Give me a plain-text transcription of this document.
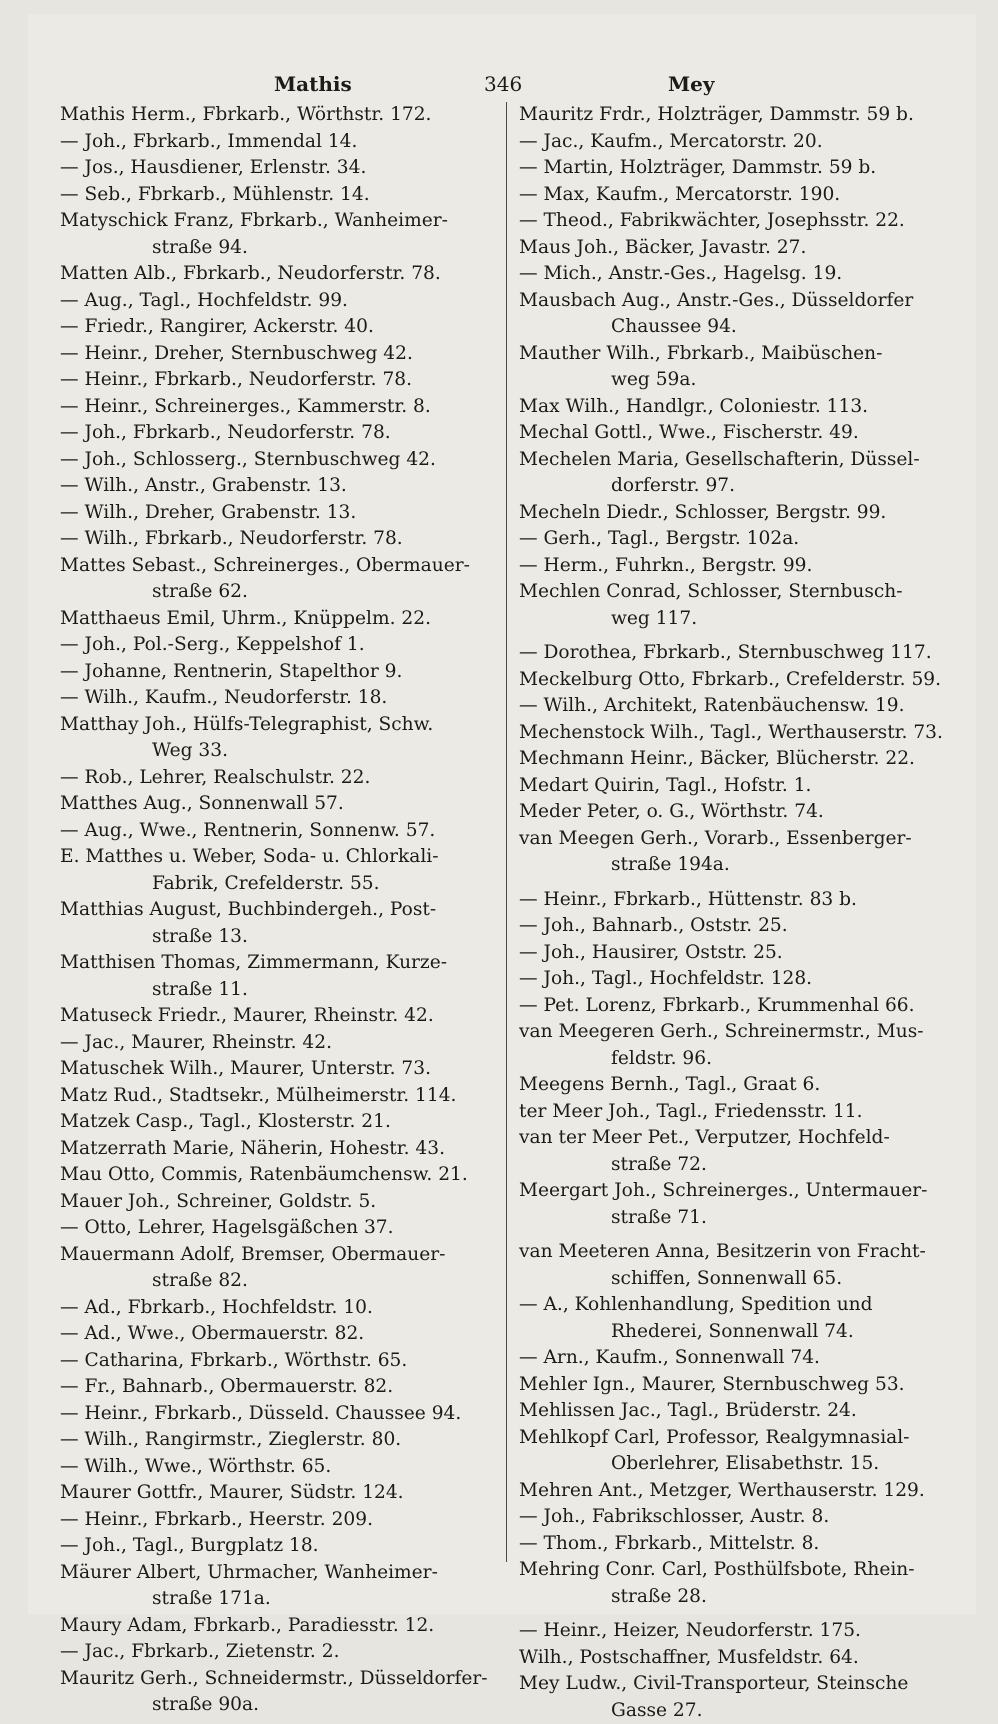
Mathis	346	Mey
Mathis Herm., Fbrkarb., Wörthstr. 172.
— Joh., Fbrkarb., Immendal 14.
— Jos., Hausdiener, Erlenstr. 34.
— Seb., Fbrkarb., Mühlenstr. 14.
Matyschick Franz, Fbrkarb., Wanheimer-
straße 94.
Matten Alb., Fbrkarb., Neudorferstr. 78.
— Aug., Tagl., Hochfeldstr. 99.
— Friedr., Rangirer, Ackerstr. 40.
— Heinr., Dreher, Sternbuschweg 42.
— Heinr., Fbrkarb., Neudorferstr. 78.
— Heinr., Schreinerges., Kammerstr. 8.
— Joh., Fbrkarb., Neudorferstr. 78.
— Joh., Schlosserg., Sternbuschweg 42.
— Wilh., Anstr., Grabenstr. 13.
— Wilh., Dreher, Grabenstr. 13.
— Wilh., Fbrkarb., Neudorferstr. 78.
Mattes Sebast., Schreinerges., Obermauer-
straße 62.
Matthaeus Emil, Uhrm., Knüppelm. 22.
— Joh., Pol.-Serg., Keppelshof 1.
— Johanne, Rentnerin, Stapelthor 9.
— Wilh., Kaufm., Neudorferstr. 18.
Matthay Joh., Hülfs-Telegraphist, Schw.
Weg 33.
— Rob., Lehrer, Realschulstr. 22.
Matthes Aug., Sonnenwall 57.
— Aug., Wwe., Rentnerin, Sonnenw. 57.
E. Matthes u. Weber, Soda- u. Chlorkali-
Fabrik, Crefelderstr. 55.
Matthias August, Buchbindergeh., Post-
straße 13.
Matthisen Thomas, Zimmermann, Kurze-
straße 11.
Matuseck Friedr., Maurer, Rheinstr. 42.
— Jac., Maurer, Rheinstr. 42.
Matuschek Wilh., Maurer, Unterstr. 73.
Matz Rud., Stadtsekr., Mülheimerstr. 114.
Matzek Casp., Tagl., Klosterstr. 21.
Matzerrath Marie, Näherin, Hohestr. 43.
Mau Otto, Commis, Ratenbäumchensw. 21.
Mauer Joh., Schreiner, Goldstr. 5.
— Otto, Lehrer, Hagelsgäßchen 37.
Mauermann Adolf, Bremser, Obermauer-
straße 82.
— Ad., Fbrkarb., Hochfeldstr. 10.
— Ad., Wwe., Obermauerstr. 82.
— Catharina, Fbrkarb., Wörthstr. 65.
— Fr., Bahnarb., Obermauerstr. 82.
— Heinr., Fbrkarb., Düsseld. Chaussee 94.
— Wilh., Rangirmstr., Zieglerstr. 80.
— Wilh., Wwe., Wörthstr. 65.
Maurer Gottfr., Maurer, Südstr. 124.
— Heinr., Fbrkarb., Heerstr. 209.
— Joh., Tagl., Burgplatz 18.
Mäurer Albert, Uhrmacher, Wanheimer-
straße 171a.
Maury Adam, Fbrkarb., Paradiesstr. 12.
— Jac., Fbrkarb., Zietenstr. 2.
Mauritz Gerh., Schneidermstr., Düsseldorfer-
straße 90a.
Mauritz Frdr., Holzträger, Dammstr. 59 b.
— Jac., Kaufm., Mercatorstr. 20.
— Martin, Holzträger, Dammstr. 59 b.
— Max, Kaufm., Mercatorstr. 190.
— Theod., Fabrikwächter, Josephsstr. 22.
Maus Joh., Bäcker, Javastr. 27.
— Mich., Anstr.-Ges., Hagelsg. 19.
Mausbach Aug., Anstr.-Ges., Düsseldorfer
Chaussee 94.
Mauther Wilh., Fbrkarb., Maibüschen-
weg 59a.
Max Wilh., Handlgr., Coloniestr. 113.
Mechal Gottl., Wwe., Fischerstr. 49.
Mechelen Maria, Gesellschafterin, Düssel-
dorferstr. 97.
Mecheln Diedr., Schlosser, Bergstr. 99.
— Gerh., Tagl., Bergstr. 102a.
— Herm., Fuhrkn., Bergstr. 99.
Mechlen Conrad, Schlosser, Sternbusch-
weg 117.
— Dorothea, Fbrkarb., Sternbuschweg 117.
Meckelburg Otto, Fbrkarb., Crefelderstr. 59.
— Wilh., Architekt, Ratenbäuchensw. 19.
Mechenstock Wilh., Tagl., Werthauserstr. 73.
Mechmann Heinr., Bäcker, Blücherstr. 22.
Medart Quirin, Tagl., Hofstr. 1.
Meder Peter, o. G., Wörthstr. 74.
van Meegen Gerh., Vorarb., Essenberger-
straße 194a.
— Heinr., Fbrkarb., Hüttenstr. 83 b.
— Joh., Bahnarb., Oststr. 25.
— Joh., Hausirer, Oststr. 25.
— Joh., Tagl., Hochfeldstr. 128.
— Pet. Lorenz, Fbrkarb., Krummenhal 66.
van Meegeren Gerh., Schreinermstr., Mus-
feldstr. 96.
Meegens Bernh., Tagl., Graat 6.
ter Meer Joh., Tagl., Friedensstr. 11.
van ter Meer Pet., Verputzer, Hochfeld-
straße 72.
Meergart Joh., Schreinerges., Untermauer-
straße 71.
van Meeteren Anna, Besitzerin von Fracht-
schiffen, Sonnenwall 65.
— A., Kohlenhandlung, Spedition und
Rhederei, Sonnenwall 74.
— Arn., Kaufm., Sonnenwall 74.
Mehler Ign., Maurer, Sternbuschweg 53.
Mehlissen Jac., Tagl., Brüderstr. 24.
Mehlkopf Carl, Professor, Realgymnasial-
Oberlehrer, Elisabethstr. 15.
Mehren Ant., Metzger, Werthauserstr. 129.
— Joh., Fabrikschlosser, Austr. 8.
— Thom., Fbrkarb., Mittelstr. 8.
Mehring Conr. Carl, Posthülfsbote, Rhein-
straße 28.
— Heinr., Heizer, Neudorferstr. 175.
Wilh., Postschaffner, Musfeldstr. 64.
Mey Ludw., Civil-Transporteur, Steinsche
Gasse 27.
